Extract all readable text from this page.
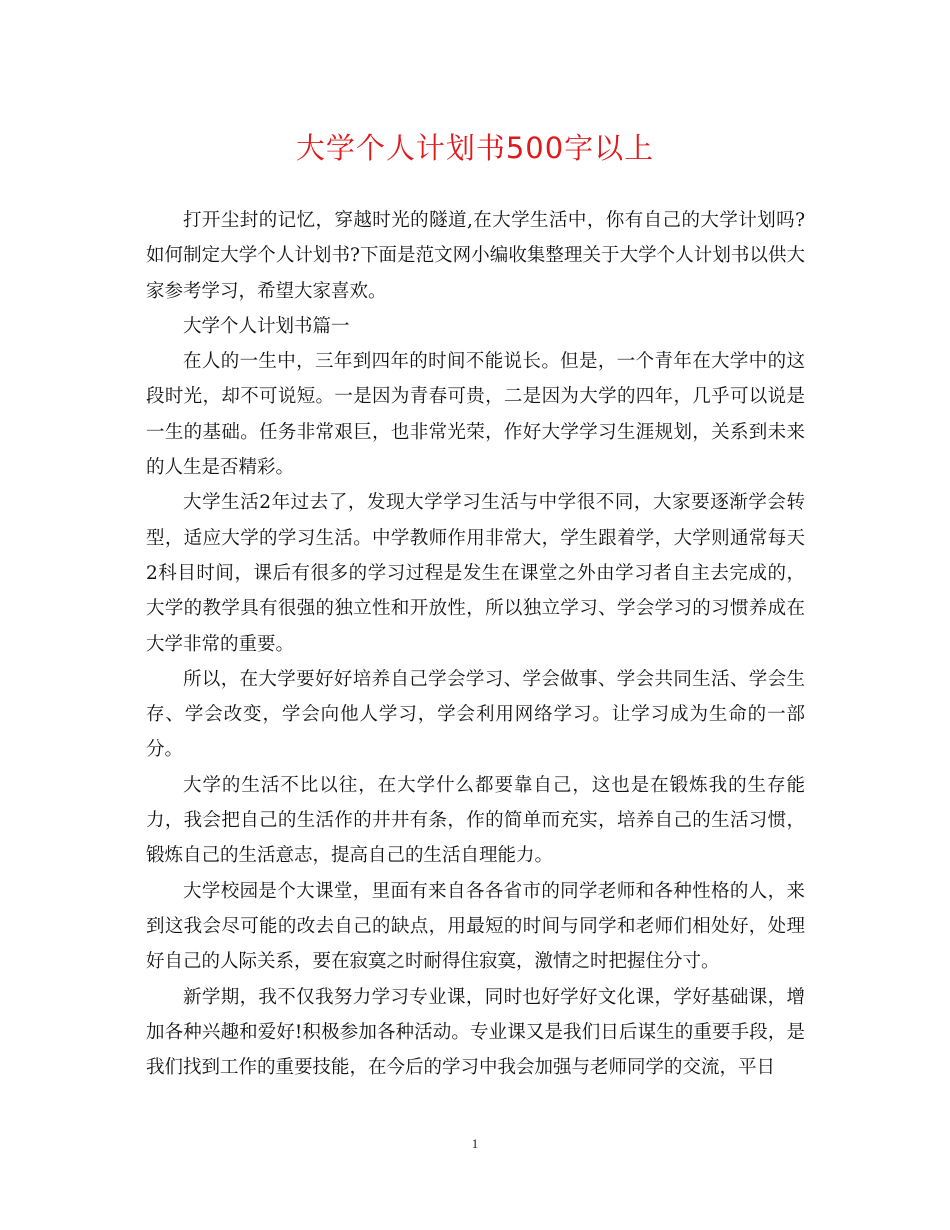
大学个人计划书500字以上

打开尘封的记忆，穿越时光的隧道,在大学生活中，你有自己的大学计划吗?如何制定大学个人计划书?下面是范文网小编收集整理关于大学个人计划书以供大家参考学习，希望大家喜欢。

大学个人计划书篇一

在人的一生中，三年到四年的时间不能说长。但是，一个青年在大学中的这段时光，却不可说短。一是因为青春可贵，二是因为大学的四年，几乎可以说是一生的基础。任务非常艰巨，也非常光荣，作好大学学习生涯规划，关系到未来的人生是否精彩。

大学生活2年过去了，发现大学学习生活与中学很不同，大家要逐渐学会转型，适应大学的学习生活。中学教师作用非常大，学生跟着学，大学则通常每天2科目时间，课后有很多的学习过程是发生在课堂之外由学习者自主去完成的，大学的教学具有很强的独立性和开放性，所以独立学习、学会学习的习惯养成在大学非常的重要。

所以，在大学要好好培养自己学会学习、学会做事、学会共同生活、学会生存、学会改变，学会向他人学习，学会利用网络学习。让学习成为生命的一部分。

大学的生活不比以往，在大学什么都要靠自己，这也是在锻炼我的生存能力，我会把自己的生活作的井井有条，作的简单而充实，培养自己的生活习惯，锻炼自己的生活意志，提高自己的生活自理能力。

大学校园是个大课堂，里面有来自各各省市的同学老师和各种性格的人，来到这我会尽可能的改去自己的缺点，用最短的时间与同学和老师们相处好，处理好自己的人际关系，要在寂寞之时耐得住寂寞，激情之时把握住分寸。

新学期，我不仅我努力学习专业课，同时也好学好文化课，学好基础课，增加各种兴趣和爱好!积极参加各种活动。专业课又是我们日后谋生的重要手段，是我们找到工作的重要技能，在今后的学习中我会加强与老师同学的交流，平日

1
